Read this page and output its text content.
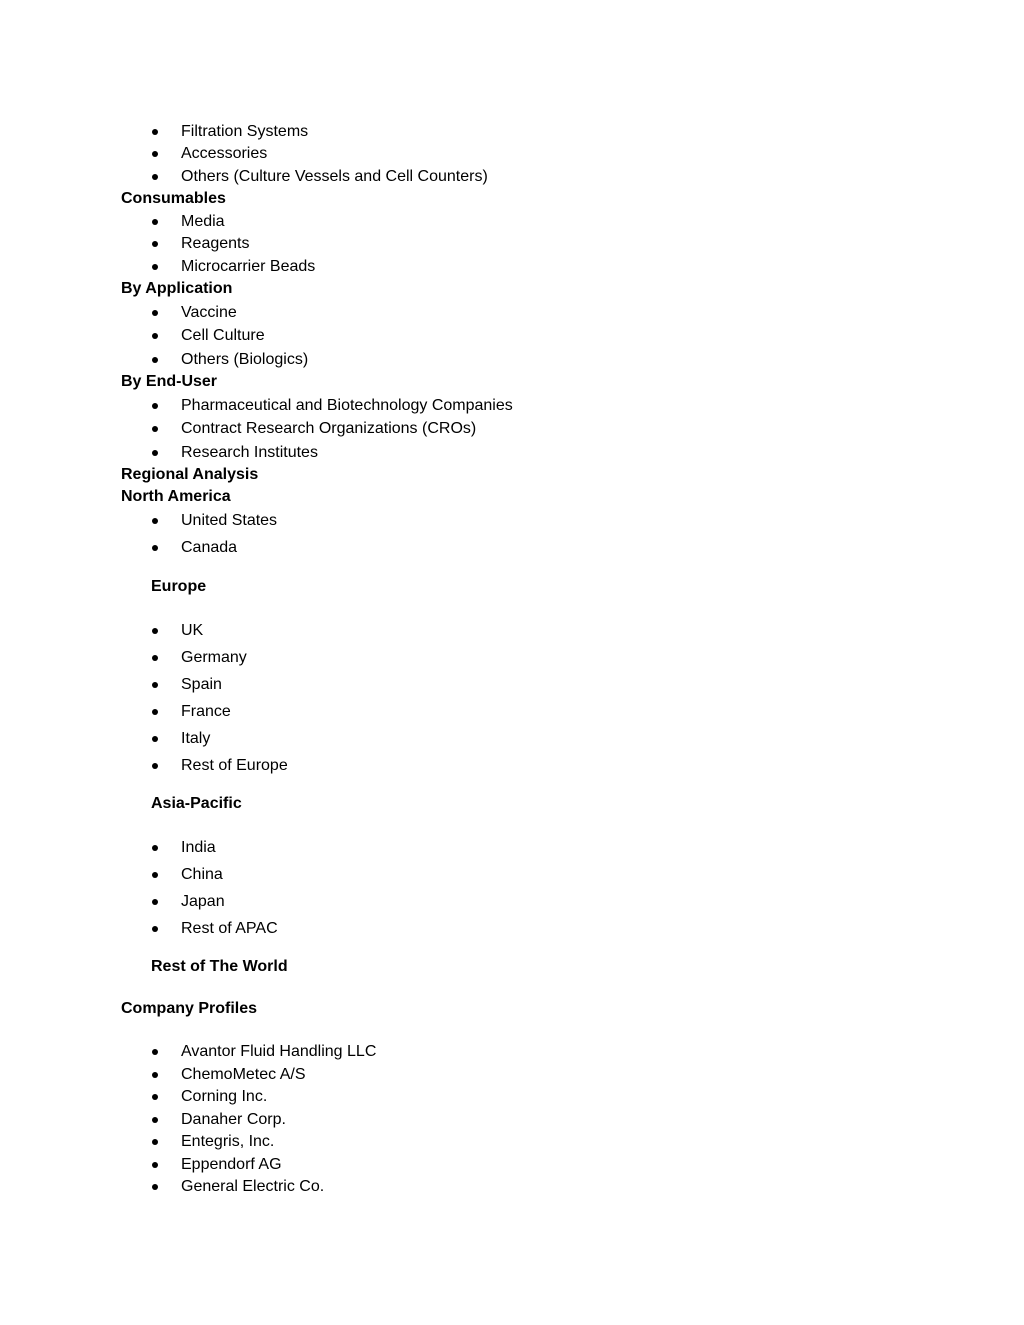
Filtration Systems
Accessories
Others (Culture Vessels and Cell Counters)
Consumables
Media
Reagents
Microcarrier Beads
By Application
Vaccine
Cell Culture
Others (Biologics)
By End-User
Pharmaceutical and Biotechnology Companies
Contract Research Organizations (CROs)
Research Institutes
Regional Analysis
North America
United States
Canada
Europe
UK
Germany
Spain
France
Italy
Rest of Europe
Asia-Pacific
India
China
Japan
Rest of APAC
Rest of The World
Company Profiles
Avantor Fluid Handling LLC
ChemoMetec A/S
Corning Inc.
Danaher Corp.
Entegris, Inc.
Eppendorf AG
General Electric Co.
